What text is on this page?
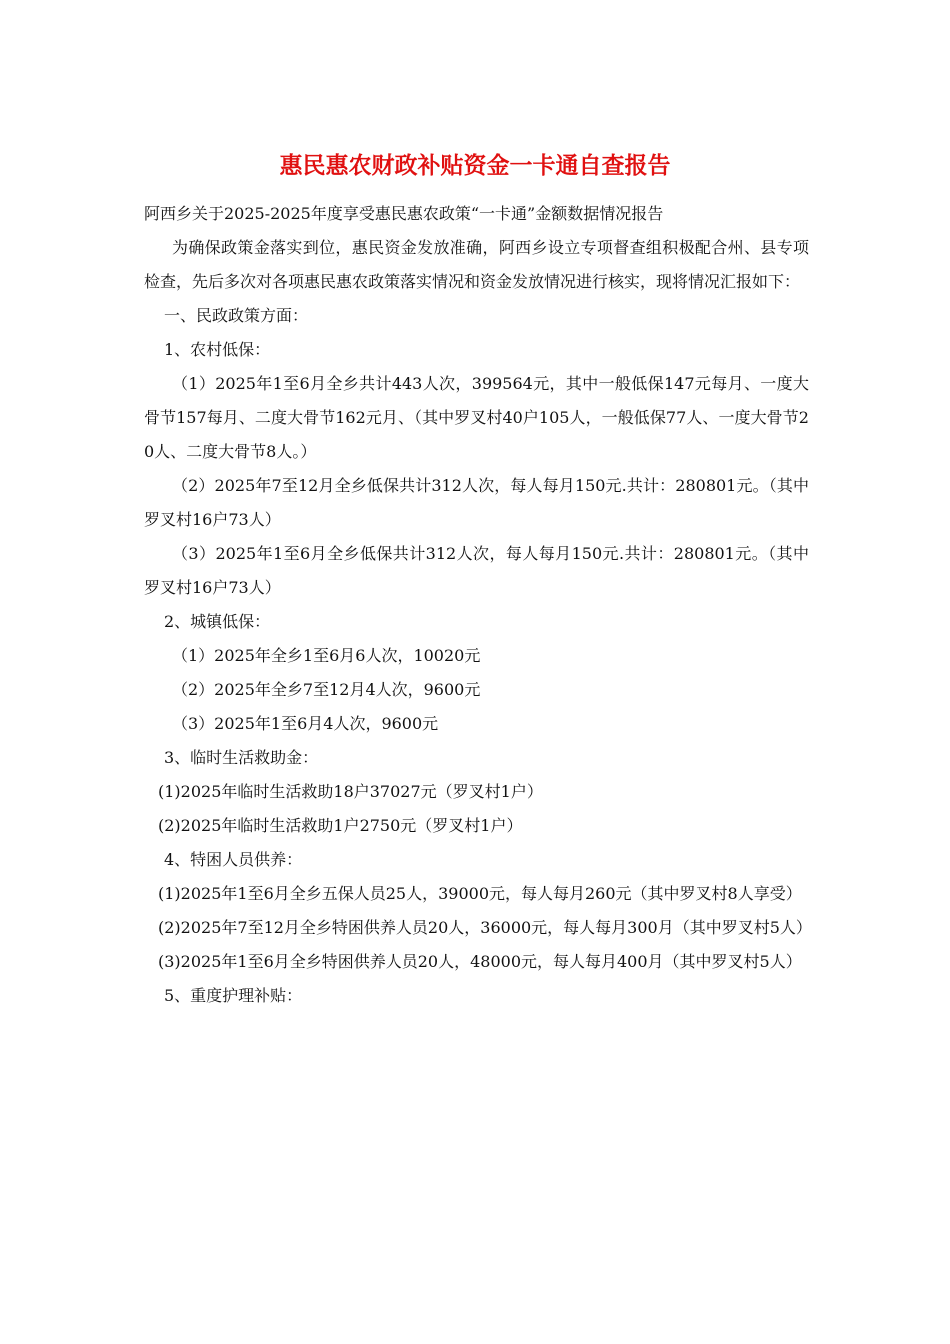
惠民惠农财政补贴资金一卡通自查报告

阿西乡关于2025-2025年度享受惠民惠农政策“一卡通”金额数据情况报告

为确保政策金落实到位，惠民资金发放准确，阿西乡设立专项督查组积极配合州、县专项检查，先后多次对各项惠民惠农政策落实情况和资金发放情况进行核实，现将情况汇报如下：

一、民政政策方面：

1、农村低保：

（1）2025年1至6月全乡共计443人次，399564元，其中一般低保147元每月、一度大骨节157每月、二度大骨节162元月、（其中罗叉村40户105人，一般低保77人、一度大骨节20人、二度大骨节8人。）

（2）2025年7至12月全乡低保共计312人次，每人每月150元.共计：280801元。（其中罗叉村16户73人）

（3）2025年1至6月全乡低保共计312人次，每人每月150元.共计：280801元。（其中罗叉村16户73人）

2、城镇低保：

（1）2025年全乡1至6月6人次，10020元

（2）2025年全乡7至12月4人次，9600元

（3）2025年1至6月4人次，9600元

3、临时生活救助金：

(1)2025年临时生活救助18户37027元（罗叉村1户）

(2)2025年临时生活救助1户2750元（罗叉村1户）

4、特困人员供养：

(1)2025年1至6月全乡五保人员25人，39000元，每人每月260元（其中罗叉村8人享受）

(2)2025年7至12月全乡特困供养人员20人，36000元，每人每月300月（其中罗叉村5人）

(3)2025年1至6月全乡特困供养人员20人，48000元，每人每月400月（其中罗叉村5人）

5、重度护理补贴：
